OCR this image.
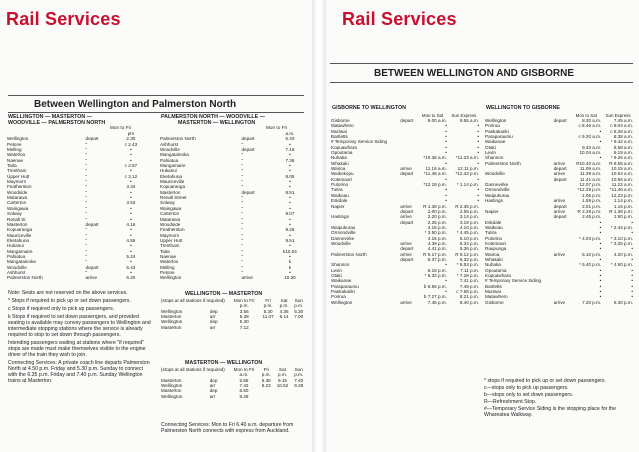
Rail Services
Between Wellington and Palmerston North
WELLINGTON — MASTERTON —
WOODVILLE — PALMERSTON NORTH
Mon to Fri
		pm
Wellington	depart	2.30
Petone	"	c 2.43
Melling	"	•
Waterloo	"	•
Naenae	"	•
Taita	"	c 2.57
Trentham	"	•
Upper Hutt	"	c 3.12
Maymorn	"	•
Featherston	"	3.34
Woodside	"	•
Matarawa	"	•
Carterton	"	3.53
Waingawa	"	•
Solway	"	•
Renall St	"	•
Masterton	depart	4.16
Kopuaranga	"	•
Mauriceville	"	•
Eketahuna	"	4.55
Hukanui	"	•
Mangamaire	"	•
Pahiatua	"	5.24
Mangatainoka	"	•
Woodville	depart	5.43
Ashhurst	"	•
Palmerston North	arrive	6.20
PALMERSTON NORTH — WOODVILLE —
MASTERTON — WELLINGTON
Mon to Fri
		a.m.
Palmerston North	depart	6.40
Ashhurst	"	•
Woodville	depart	7.16
Mangatainoka	"	•
Pahiatua	"	7.36
Mangamaire	"	•
Hukanui	"	•
Eketahuna	"	8.05
Mauriceville	"	•
Kopuaranga	"	•
Masterton	depart	8.51
Renall Street	"	•
Solway	"	•
Waingawa	"	•
Carterton	"	9.07
Matarawa	"	•
Woodside	"	•
Featherston	"	9.26
Maymorn	"	•
Upper Hutt	"	9.51
Trentham	"	•
Taita	"	k10.04
Naenae	"	•
Waterloo	"	k
Melling	"	k
Petone	"	•
Wellington	arrive	10.30

Note: Seats are not reserved on the above services.

* Stops if required to pick up or set down passengers.

c Stops if required only to pick up passengers.

k Stops if required to set down passengers, and provided seating is available may convey passengers to Wellington and intermediate stopping stations where the service is already required to stop to set down through passengers.

Intending passengers waiting at stations where "if required" stops are made must make themselves visible to the engine driver of the train they wish to join.

Connecting Services: A private coach line departs Palmerston North at 4.50 p.m. Friday and 5.30 p.m. Sunday to connect with the 6.35 p.m. Friday and 7.40 p.m. Sunday Wellington trains at Masterton.

WELLINGTON — MASTERTON
(stops at all stations if required)		Mon to Fri	Fri	Sat	Sun
		p.m.	p.m.	p.m.	p.m.
Wellington	dep	3.56	5.30	4.35	5.30
Masterton	arr	5.38	11.07	6.14	7.00
Wellington	dep	5.30			
Masterton	arr	7.12			
MASTERTON — WELLINGTON
(stops at all stations if required)		Mon to Fri	Fri	Sat	Sun
		a.m.	p.m.	p.m.	p.m.
Masterton	dep	5.55	6.35	9.15	7.40
Wellington	arr	7.42	8.23	10.52	9.28
Masterton	dep	6.50			
Wellington	arr	8.28			
Connecting Services: Mon to Fri 6.40 a.m. departure from Palmerston North connects with express from Auckland.
Rail Services
BETWEEN WELLINGTON AND GISBORNE
GISBORNE TO WELLINGTON
		Mon to Sat	Sun Express
Gisborne	depart	9.00 a.m.	9.55 a.m.
Matawhero		•	•
Muriwai		•	•
Bartletts		•	•
# Temporary Service Siding		•	•
Kopuawhara		•	•
Opoutama		•	•
Nuhaka		*10.38 a.m.	*11.33 a.m.
Whakaki		•	•
Wairoa	arrive	11.16 a.m.	12.11 p.m.
Waikokopu	depart	*11.48 a.m.	*12.43 p.m.
Kotemaori		•	•
Putorino		*12.19 p.m.	* 1.14 p.m.
Tutira		•	•
Waikoau		•	•
Eskdale		•	•
Napier	arrive	R 1.38 p.m.	R 2.35 p.m.
	depart	2.00 p.m.	2.55 p.m.
Hastings	arrive	2.20 p.m.	3.14 p.m.
	depart	2.25 p.m.	3.19 p.m.
Waipukurau		3.15 p.m.	4.10 p.m.
Ormondville		* 3.50 p.m.	* 4.45 p.m.
Dannevirke		4.15 p.m.	5.10 p.m.
Woodville	arrive	4.39 p.m.	5.34 p.m.
	depart	4.41 p.m.	5.36 p.m.
Palmerston North	arrive	R 5.17 p.m.	R 6.12 p.m.
	depart	5.37 p.m.	6.32 p.m.
Shannon		•	* 6.53 p.m.
Levin		6.16 p.m.	7.11 p.m.
Otaki		* 6.33 p.m.	* 7.28 p.m.
Waikanae		•	7.41 p.m.
Paraparaumu		b 6.56 p.m.	7.49 p.m.
Paekakariki		•	c 7.58 p.m.
Porirua		b 7.27 p.m.	8.21 p.m.
Wellington	arrive	7.45 p.m.	8.40 p.m.
WELLINGTON TO GISBORNE
		Mon to Sat	Sun Express
Wellington	depart	8.30 a.m.	7.45 a.m.
Porirua		c 8.46 a.m.	c 8.04 a.m.
Paekakariki		•	c 8.26 a.m.
Paraparaumu		c 9.20 a.m.	8.38 a.m.
Waikanae		•	* 8.42 a.m.
Otaki		9.43 a.m.	8.58 a.m.
Levin		10.04 a.m.	9.19 a.m.
Shannon		•	* 9.26 a.m.
Palmerston North	arrive	R10.40 a.m.	R 9.55 a.m.
	depart	11.06 a.m.	10.15 a.m.
Woodville	arrive	11.39 a.m.	10.54 a.m.
	depart	11.41 a.m.	10.56 a.m.
Dannevirke		12.07 p.m.	11.22 a.m.
Ormondville		*12.29 p.m.	*11.46 a.m.
Waipukurau		1.06 p.m.	12.23 p.m.
Hastings	arrive	1.59 p.m.	1.14 p.m.
	depart	2.01 p.m.	1.16 p.m.
Napier	arrive	R 2.28 p.m.	R 1.36 p.m.
	depart	2.45 p.m.	1.50 p.m.
Eskdale		•	•
Waikoau		•	* 2.44 p.m.
Tutira		•	•
Putorino		* 4.03 p.m.	* 3.10 p.m.
Kotemaori		•	* 3.25 p.m.
Raupunga		•	•
Wairoa	arrive	5.10 p.m.	4.20 p.m.
Whakaki		•	•
Nuhaka		* 5.40 p.m.	* 4.50 p.m.
Opoutama		•	•
Kopuawhara		•	•
# Temporary Service Siding		•	•
Bartletts		•	•
Muriwai		•	•
Matawhero		•	•
Gisborne	arrive	7.20 p.m.	6.30 p.m.

* stops if required to pick up or set down passengers.

c—stops only to pick up passengers.

b—stops only to set down passengers.

R—Refreshment Stop.

#—Temporary Service Siding is the stopping place for the Whareatea Walkway.
